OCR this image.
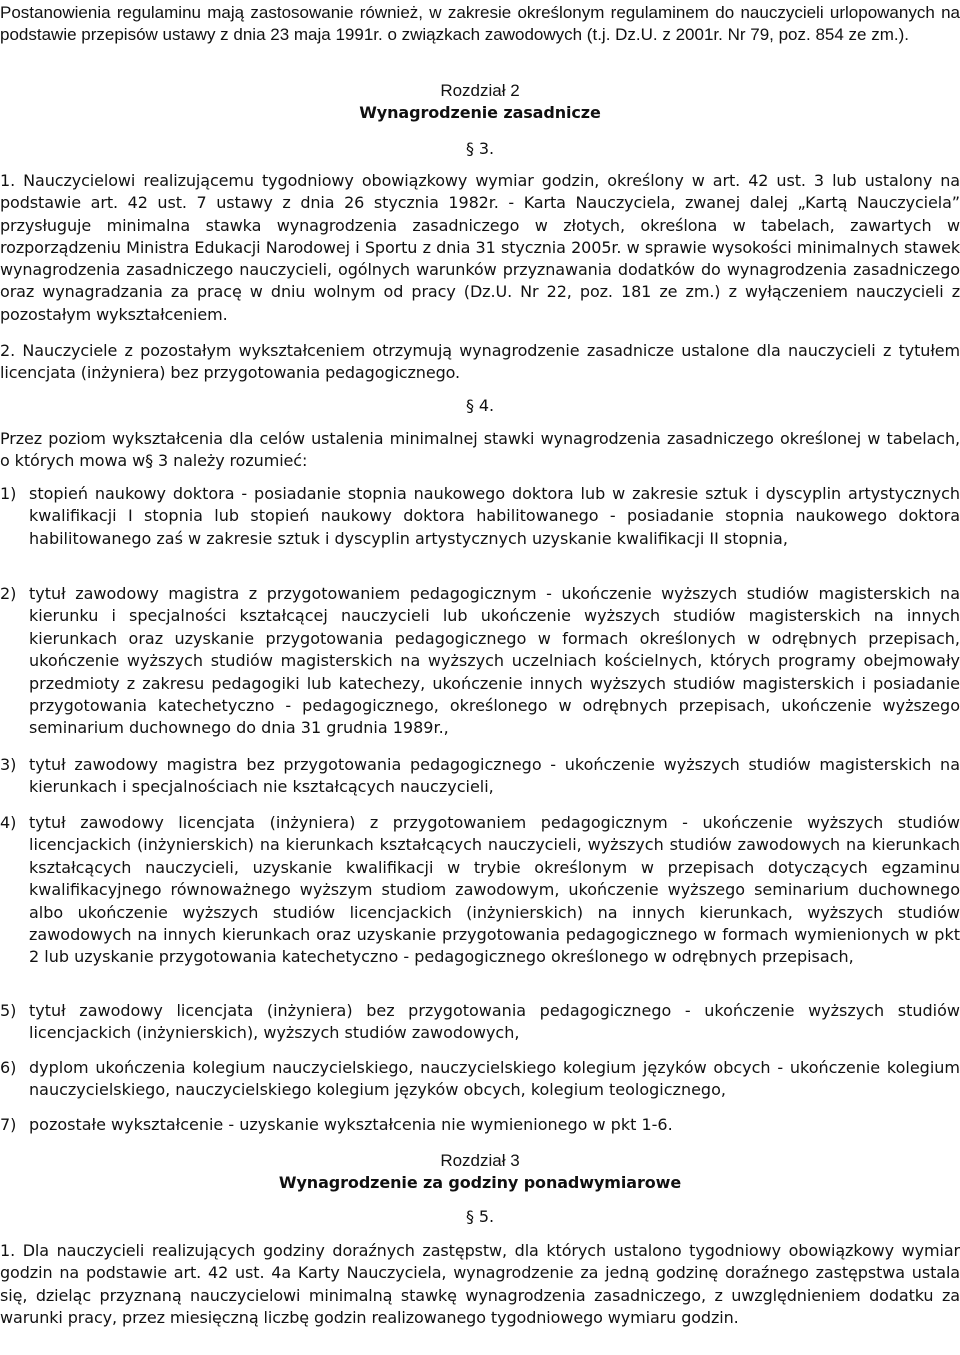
Postanowienia regulaminu mają zastosowanie również, w zakresie określonym regulaminem do nauczycieli urlopowanych na podstawie przepisów ustawy z dnia 23 maja 1991r. o związkach zawodowych (t.j. Dz.U. z 2001r. Nr 79, poz. 854 ze zm.).
Rozdział 2
Wynagrodzenie zasadnicze
§ 3.
1. Nauczycielowi realizującemu tygodniowy obowiązkowy wymiar godzin, określony w art. 42 ust. 3 lub ustalony na podstawie art. 42 ust. 7 ustawy z dnia 26 stycznia 1982r. - Karta Nauczyciela, zwanej dalej „Kartą Nauczyciela” przysługuje minimalna stawka wynagrodzenia zasadniczego w złotych, określona w tabelach, zawartych w rozporządzeniu Ministra Edukacji Narodowej i Sportu z dnia 31 stycznia 2005r. w sprawie wysokości minimalnych stawek wynagrodzenia zasadniczego nauczycieli, ogólnych warunków przyznawania dodatków do wynagrodzenia zasadniczego oraz wynagradzania za pracę w dniu wolnym od pracy (Dz.U. Nr 22, poz. 181 ze zm.) z wyłączeniem nauczycieli z pozostałym wykształceniem.
2. Nauczyciele z pozostałym wykształceniem otrzymują wynagrodzenie zasadnicze ustalone dla nauczycieli z tytułem licencjata (inżyniera) bez przygotowania pedagogicznego.
§ 4.
Przez poziom wykształcenia dla celów ustalenia minimalnej stawki wynagrodzenia zasadniczego określonej w tabelach, o których mowa w§ 3 należy rozumieć:
1) stopień naukowy doktora - posiadanie stopnia naukowego doktora lub w zakresie sztuk i dyscyplin artystycznych kwalifikacji I stopnia lub stopień naukowy doktora habilitowanego - posiadanie stopnia naukowego doktora habilitowanego zaś w zakresie sztuk i dyscyplin artystycznych uzyskanie kwalifikacji II stopnia,
2) tytuł zawodowy magistra z przygotowaniem pedagogicznym - ukończenie wyższych studiów magisterskich na kierunku i specjalności kształcącej nauczycieli lub ukończenie wyższych studiów magisterskich na innych kierunkach oraz uzyskanie przygotowania pedagogicznego w formach określonych w odrębnych przepisach, ukończenie wyższych studiów magisterskich na wyższych uczelniach kościelnych, których programy obejmowały przedmioty z zakresu pedagogiki lub katechezy, ukończenie innych wyższych studiów magisterskich i posiadanie przygotowania katechetyczno - pedagogicznego, określonego w odrębnych przepisach, ukończenie wyższego seminarium duchownego do dnia 31 grudnia 1989r.,
3) tytuł zawodowy magistra bez przygotowania pedagogicznego - ukończenie wyższych studiów magisterskich na kierunkach i specjalnościach nie kształcących nauczycieli,
4) tytuł zawodowy licencjata (inżyniera) z przygotowaniem pedagogicznym - ukończenie wyższych studiów licencjackich (inżynierskich) na kierunkach kształcących nauczycieli, wyższych studiów zawodowych na kierunkach kształcących nauczycieli, uzyskanie kwalifikacji w trybie określonym w przepisach dotyczących egzaminu kwalifikacyjnego równoważnego wyższym studiom zawodowym, ukończenie wyższego seminarium duchownego albo ukończenie wyższych studiów licencjackich (inżynierskich) na innych kierunkach, wyższych studiów zawodowych na innych kierunkach oraz uzyskanie przygotowania pedagogicznego w formach wymienionych w pkt 2 lub uzyskanie przygotowania katechetyczno - pedagogicznego określonego w odrębnych przepisach,
5) tytuł zawodowy licencjata (inżyniera) bez przygotowania pedagogicznego - ukończenie wyższych studiów licencjackich (inżynierskich), wyższych studiów zawodowych,
6) dyplom ukończenia kolegium nauczycielskiego, nauczycielskiego kolegium języków obcych - ukończenie kolegium nauczycielskiego, nauczycielskiego kolegium języków obcych, kolegium teologicznego,
7) pozostałe wykształcenie - uzyskanie wykształcenia nie wymienionego w pkt 1-6.
Rozdział 3
Wynagrodzenie za godziny ponadwymiarowe
§ 5.
1. Dla nauczycieli realizujących godziny doraźnych zastępstw, dla których ustalono tygodniowy obowiązkowy wymiar godzin na podstawie art. 42 ust. 4a Karty Nauczyciela, wynagrodzenie za jedną godzinę doraźnego zastępstwa ustala się, dzieląc przyznaną nauczycielowi minimalną stawkę wynagrodzenia zasadniczego, z uwzględnieniem dodatku za warunki pracy, przez miesięczną liczbę godzin realizowanego tygodniowego wymiaru godzin.
